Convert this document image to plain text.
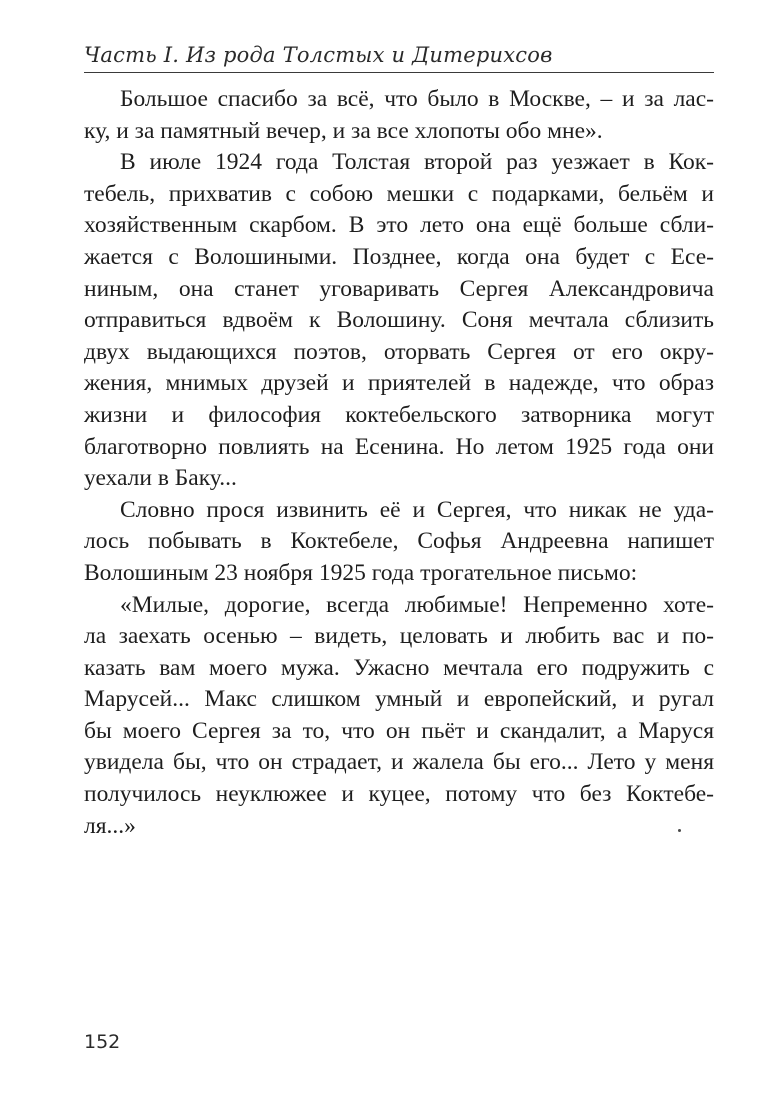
Часть I. Из рода Толстых и Дитерихсов

Большое спасибо за всё, что было в Москве, – и за лас-
ку, и за памятный вечер, и за все хлопоты обо мне».

В июле 1924 года Толстая второй раз уезжает в Кок-
тебель, прихватив с собою мешки с подарками, бельём и
хозяйственным скарбом. В это лето она ещё больше сбли-
жается с Волошиными. Позднее, когда она будет с Есе-
ниным, она станет уговаривать Сергея Александровича
отправиться вдвоём к Волошину. Соня мечтала сблизить
двух выдающихся поэтов, оторвать Сергея от его окру-
жения, мнимых друзей и приятелей в надежде, что образ
жизни и философия коктебельского затворника могут
благотворно повлиять на Есенина. Но летом 1925 года они
уехали в Баку...

Словно прося извинить её и Сергея, что никак не уда-
лось побывать в Коктебеле, Софья Андреевна напишет
Волошиным 23 ноября 1925 года трогательное письмо:

«Милые, дорогие, всегда любимые! Непременно хоте-
ла заехать осенью – видеть, целовать и любить вас и по-
казать вам моего мужа. Ужасно мечтала его подружить с
Марусей... Макс слишком умный и европейский, и ругал
бы моего Сергея за то, что он пьёт и скандалит, а Маруся
увидела бы, что он страдает, и жалела бы его... Лето у меня
получилось неуклюжее и куцее, потому что без Коктебе-
ля...»

152
